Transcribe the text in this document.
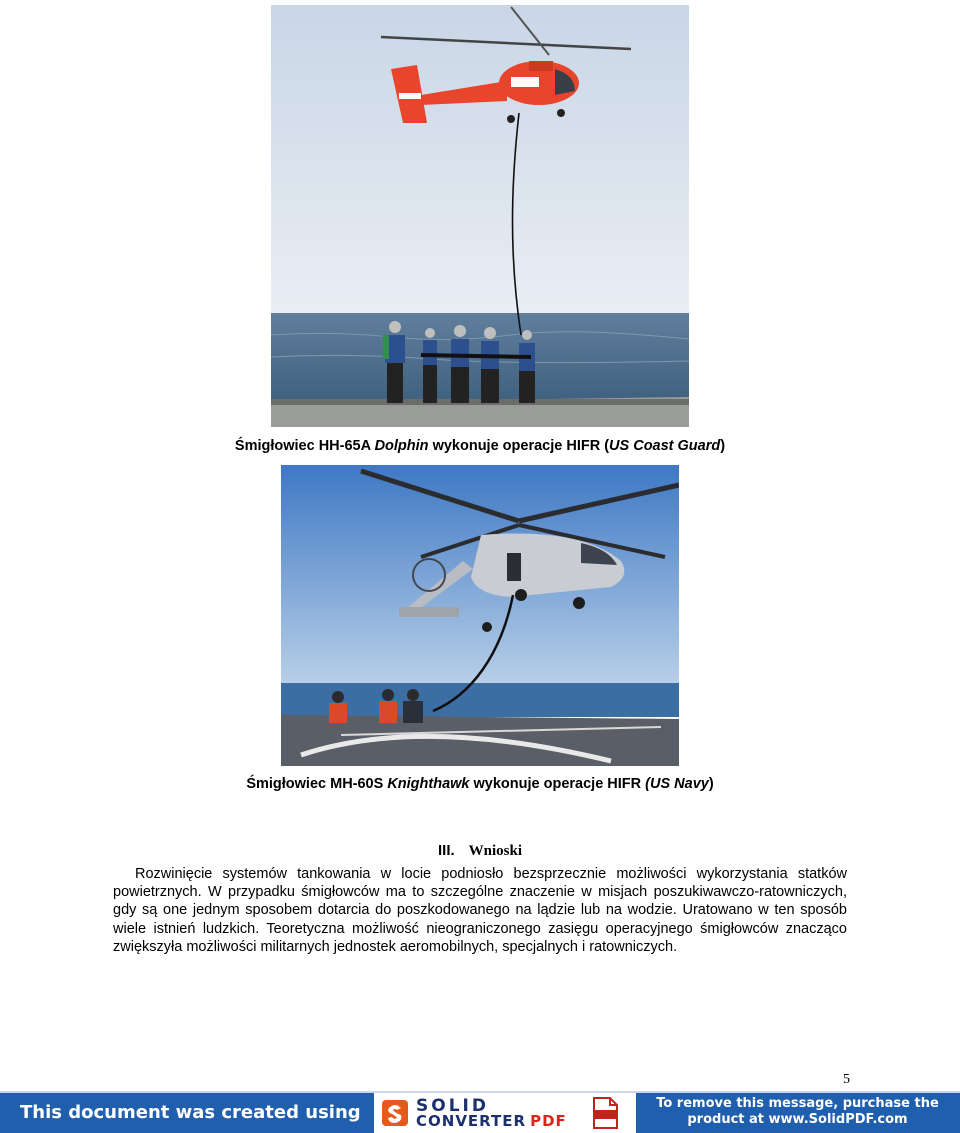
Śmigłowiec HH-65A Dolphin wykonuje operacje HIFR (US Coast Guard)
Śmigłowiec MH-60S Knighthawk wykonuje operacje HIFR (US Navy)
III. Wnioski
Rozwinięcie systemów tankowania w locie podniosło bezsprzecznie możliwości wykorzystania statków powietrznych. W przypadku śmigłowców ma to szczególne znaczenie w misjach poszukiwawczo-ratowniczych, gdy są one jednym sposobem dotarcia do poszkodowanego na lądzie lub na wodzie. Uratowano w ten sposób wiele istnień ludzkich. Teoretyczna możliwość nieograniczonego zasięgu operacyjnego śmigłowców znacząco zwiększyła możliwości militarnych jednostek aeromobilnych, specjalnych i ratowniczych.
5
This document was created using	SOLID
CONVERTER PDF
To remove this message, purchase the
product at www.SolidPDF.com
